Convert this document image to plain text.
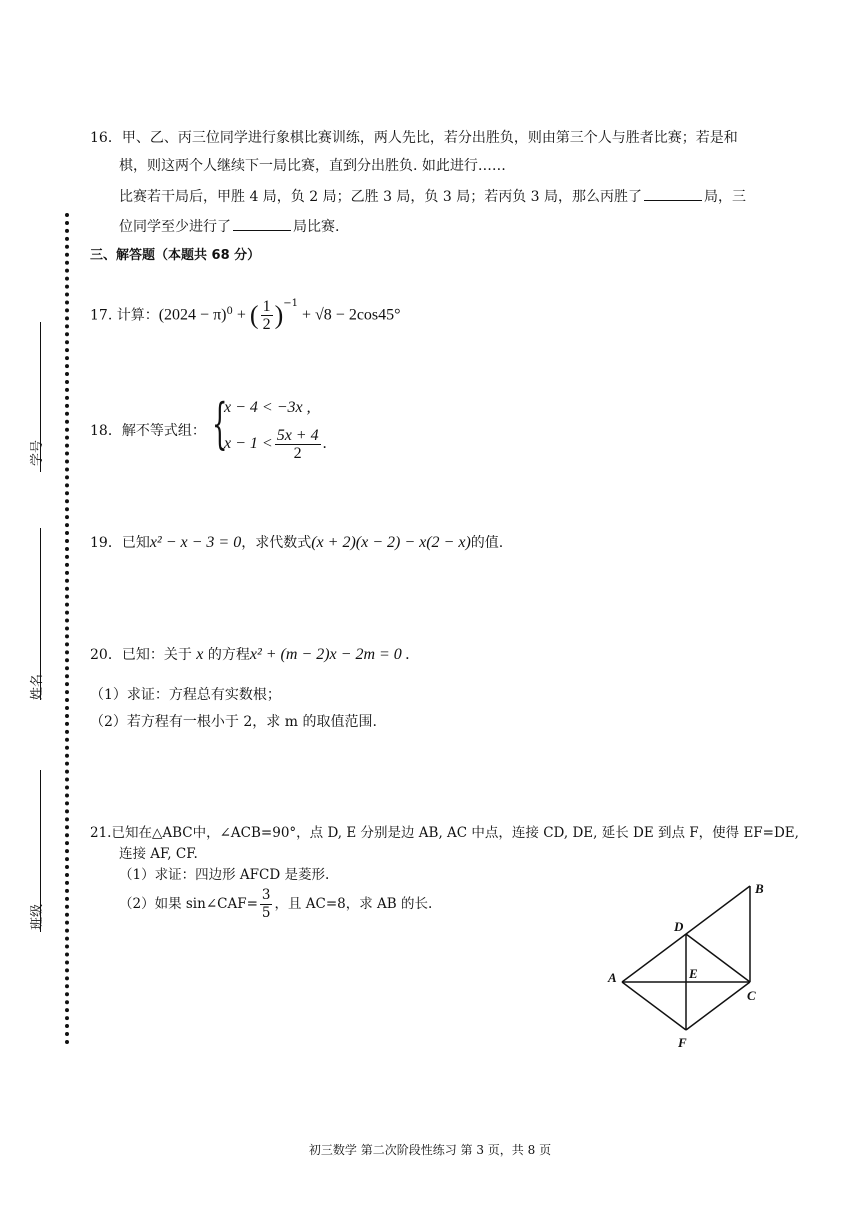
学号
姓名
班级
16．甲、乙、丙三位同学进行象棋比赛训练，两人先比，若分出胜负，则由第三个人与胜者比赛；若是和
棋，则这两个人继续下一局比赛，直到分出胜负. 如此进行……
比赛若干局后，甲胜 4 局，负 2 局；乙胜 3 局，负 3 局；若丙负 3 局，那么丙胜了	局，三
位同学至少进行了	局比赛.
三、解答题（本题共 68 分）
17. 计算：$(2024 - \pi)^0$ + ( $\frac{1}{2} )^{-1} + √8 - 2\cos 45^\circ$
18．解不等式组： {
x − 4 < −3x ,
$x - 1 < \frac{5x + 4}{2}$ .
19．已知x² − x − 3 = 0，求代数式(x + 2)(x − 2) − x(2 − x)的值.
20．已知：关于 x 的方程x² + (m − 2)x − 2m = 0 .
（1）求证：方程总有实数根；
（2）若方程有一根小于 2，求 m 的取值范围.
21.已知在△ABC中，∠ACB=90°，点 D, E 分别是边 AB, AC 中点，连接 CD, DE, 延长 DE 到点 F，使得 EF=DE,
连接 AF, CF.
（1）求证：四边形 AFCD 是菱形.
（2）如果 sin∠CAF= $\frac{3}{5}$ ，且 AC=8，求 AB 的长.
A
B
C
D
E
F
初三数学 第二次阶段性练习 第 3 页，共 8 页
